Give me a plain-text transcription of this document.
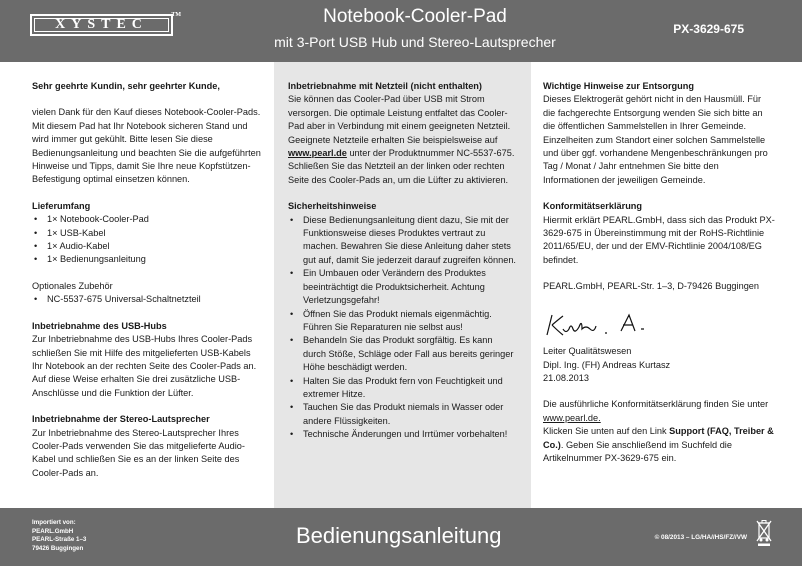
XYSTEC
TM	Notebook-Cooler-Pad
mit 3-Port USB Hub und Stereo-Lautsprecher
PX-3629-675

Sehr geehrte Kundin, sehr geehrter Kunde,

vielen Dank für den Kauf dieses Notebook-Cooler-Pads. Mit diesem Pad hat Ihr Notebook sicheren Stand und wird immer gut gekühlt. Bitte lesen Sie diese Bedienungsanleitung und beachten Sie die aufgeführten Hinweise und Tipps, damit Sie Ihre neue Kopfstützen-Befestigung optimal einsetzen können.

Lieferumfang

• 1× Notebook-Cooler-Pad
• 1× USB-Kabel
• 1× Audio-Kabel
• 1× Bedienungsanleitung

Optionales Zubehör

• NC-5537-675 Universal-Schaltnetzteil

Inbetriebnahme des USB-Hubs

Zur Inbetriebnahme des USB-Hubs Ihres Cooler-Pads schließen Sie mit Hilfe des mitgelieferten USB-Kabels Ihr Notebook an der rechten Seite des Cooler-Pads an. Auf diese Weise erhalten Sie drei zusätzliche USB-Anschlüsse und die Funktion der Lüfter.

Inbetriebnahme der Stereo-Lautsprecher

Zur Inbetriebnahme des Stereo-Lautsprecher Ihres Cooler-Pads verwenden Sie das mitgelieferte Audio-Kabel und schließen Sie es an der linken Seite des Cooler-Pads an.

Inbetriebnahme mit Netzteil (nicht enthalten)

Sie können das Cooler-Pad über USB mit Strom versorgen. Die optimale Leistung entfaltet das Cooler-Pad aber in Verbindung mit einem geeigneten Netzteil. Geeignete Netzteile erhalten Sie beispielsweise auf www.pearl.de unter der Produktnummer NC-5537-675.

Schließen Sie das Netzteil an der linken oder rechten Seite des Cooler-Pads an, um die Lüfter zu aktivieren.

Sicherheitshinweise

• Diese Bedienungsanleitung dient dazu, Sie mit der Funktionsweise dieses Produktes vertraut zu machen. Bewahren Sie diese Anleitung daher stets gut auf, damit Sie jederzeit darauf zugreifen können.
• Ein Umbauen oder Verändern des Produktes beeinträchtigt die Produktsicherheit. Achtung Verletzungsgefahr!
• Öffnen Sie das Produkt niemals eigenmächtig. Führen Sie Reparaturen nie selbst aus!
• Behandeln Sie das Produkt sorgfältig. Es kann durch Stöße, Schläge oder Fall aus bereits geringer Höhe beschädigt werden.
• Halten Sie das Produkt fern von Feuchtigkeit und extremer Hitze.
• Tauchen Sie das Produkt niemals in Wasser oder andere Flüssigkeiten.
• Technische Änderungen und Irrtümer vorbehalten!

Wichtige Hinweise zur Entsorgung

Dieses Elektrogerät gehört nicht in den Hausmüll. Für die fachgerechte Entsorgung wenden Sie sich bitte an die öffentlichen Sammelstellen in Ihrer Gemeinde. Einzelheiten zum Standort einer solchen Sammelstelle und über ggf. vorhandene Mengenbeschränkungen pro Tag / Monat / Jahr entnehmen Sie bitte den Informationen der jeweiligen Gemeinde.

Konformitätserklärung

Hiermit erklärt PEARL.GmbH, dass sich das Produkt PX-3629-675 in Übereinstimmung mit der RoHS-Richtlinie 2011/65/EU, der und der EMV-Richtlinie 2004/108/EG befindet.

PEARL.GmbH, PEARL-Str. 1–3, D-79426 Buggingen

Leiter Qualitätswesen

Dipl. Ing. (FH) Andreas Kurtasz

21.08.2013

Die ausführliche Konformitätserklärung finden Sie unter www.pearl.de.

Klicken Sie unten auf den Link Support (FAQ, Treiber & Co.). Geben Sie anschließend im Suchfeld die Artikelnummer PX-3629-675 ein.

Importiert von:
PEARL.GmbH
PEARL-Straße 1–3
79426 Buggingen
Bedienungsanleitung	© 08/2013 – LG/HA//HS/FZ//VW
